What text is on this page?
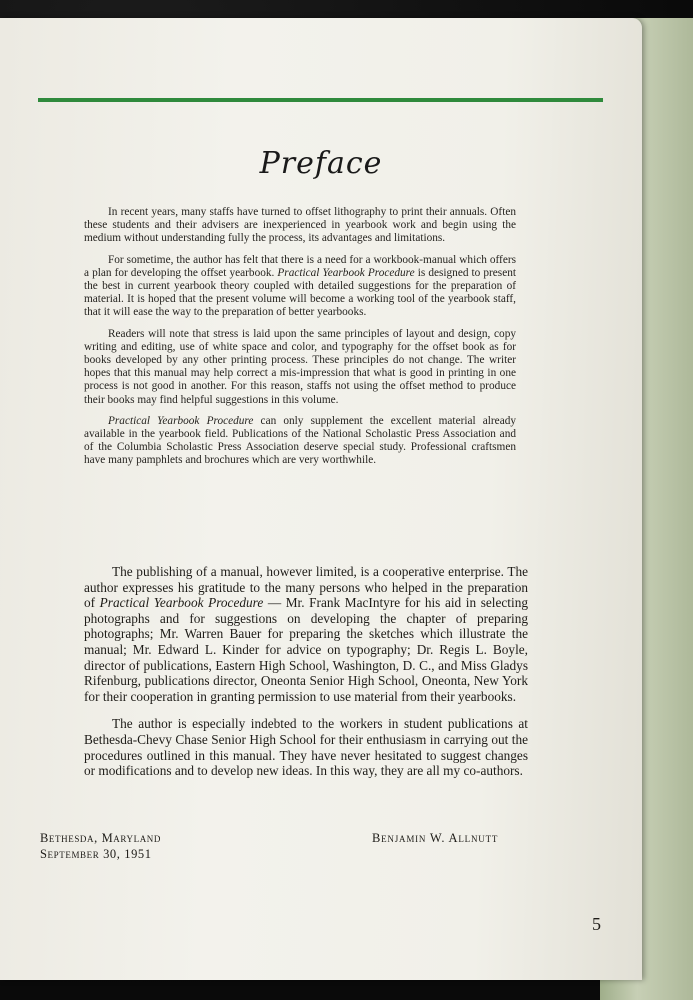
Preface

In recent years, many staffs have turned to offset lithography to print their annuals. Often these students and their advisers are inexperienced in yearbook work and begin using the medium without understanding fully the process, its advantages and limitations.

For sometime, the author has felt that there is a need for a workbook-manual which offers a plan for developing the offset yearbook. Practical Yearbook Procedure is designed to present the best in current yearbook theory coupled with detailed suggestions for the preparation of material. It is hoped that the present volume will become a working tool of the yearbook staff, that it will ease the way to the preparation of better yearbooks.

Readers will note that stress is laid upon the same principles of layout and design, copy writing and editing, use of white space and color, and typography for the offset book as for books developed by any other printing process. These principles do not change. The writer hopes that this manual may help correct a mis-impression that what is good in printing in one process is not good in another. For this reason, staffs not using the offset method to produce their books may find helpful suggestions in this volume.

Practical Yearbook Procedure can only supplement the excellent material already available in the yearbook field. Publications of the National Scholastic Press Association and of the Columbia Scholastic Press Association deserve special study. Professional craftsmen have many pamphlets and brochures which are very worthwhile.

The publishing of a manual, however limited, is a cooperative enterprise. The author expresses his gratitude to the many persons who helped in the preparation of Practical Yearbook Procedure — Mr. Frank MacIntyre for his aid in selecting photographs and for suggestions on developing the chapter of preparing photographs; Mr. Warren Bauer for preparing the sketches which illustrate the manual; Mr. Edward L. Kinder for advice on typography; Dr. Regis L. Boyle, director of publications, Eastern High School, Washington, D. C., and Miss Gladys Rifenburg, publications director, Oneonta Senior High School, Oneonta, New York for their cooperation in granting permission to use material from their yearbooks.

The author is especially indebted to the workers in student publications at Bethesda-Chevy Chase Senior High School for their enthusiasm in carrying out the procedures outlined in this manual. They have never hesitated to suggest changes or modifications and to develop new ideas. In this way, they are all my co-authors.

Bethesda, Maryland
September 30, 1951
Benjamin W. Allnutt
5
